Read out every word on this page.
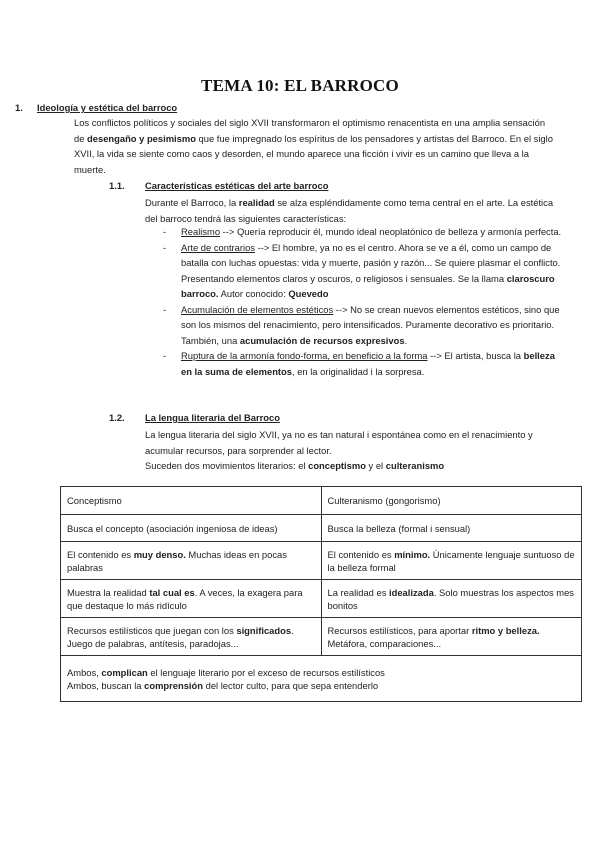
TEMA 10: EL BARROCO
1. Ideología y estética del barroco
Los conflictos políticos y sociales del siglo XVII transformaron el optimismo renacentista en una amplia sensación de desengaño y pesimismo que fue impregnado los espíritus de los pensadores y artistas del Barroco. En el siglo XVII, la vida se siente como caos y desorden, el mundo aparece una ficción i vivir es un camino que lleva a la muerte.
1.1. Características estéticas del arte barroco
Durante el Barroco, la realidad se alza espléndidamente como tema central en el arte. La estética del barroco tendrá las siguientes características:
- Realismo --> Quería reproducir él, mundo ideal neoplatónico de belleza y armonía perfecta.
- Arte de contrarios --> El hombre, ya no es el centro. Ahora se ve a él, como un campo de batalla con luchas opuestas: vida y muerte, pasión y razón... Se quiere plasmar el conflicto. Presentando elementos claros y oscuros, o religiosos i sensuales. Se la llama claroscuro barroco. Autor conocido: Quevedo
- Acumulación de elementos estéticos --> No se crean nuevos elementos estéticos, sino que son los mismos del renacimiento, pero intensificados. Puramente decorativo es prioritario. También, una acumulación de recursos expresivos.
- Ruptura de la armonía fondo-forma, en beneficio a la forma --> El artista, busca la belleza en la suma de elementos, en la originalidad i la sorpresa.
1.2. La lengua literaria del Barroco
La lengua literaria del siglo XVII, ya no es tan natural i espontánea como en el renacimiento y acumular recursos, para sorprender al lector.
Suceden dos movimientos literarios: el conceptismo y el culteranismo
Conceptismo	Culteranismo (gongorismo)
Busca el concepto (asociación ingeniosa de ideas)	Busca la belleza (formal i sensual)
El contenido es muy denso. Muchas ideas en pocas palabras	El contenido es mínimo. Únicamente lenguaje suntuoso de la belleza formal
Muestra la realidad tal cual es. A veces, la exagera para que destaque lo más ridículo	La realidad es idealizada. Solo muestras los aspectos mes bonitos
Recursos estilísticos que juegan con los significados. Juego de palabras, antítesis, paradojas...	Recursos estilísticos, para aportar ritmo y belleza. Metáfora, comparaciones...
Ambos, complican el lenguaje literario por el exceso de recursos estilísticos
Ambos, buscan la comprensión del lector culto, para que sepa entenderlo	
